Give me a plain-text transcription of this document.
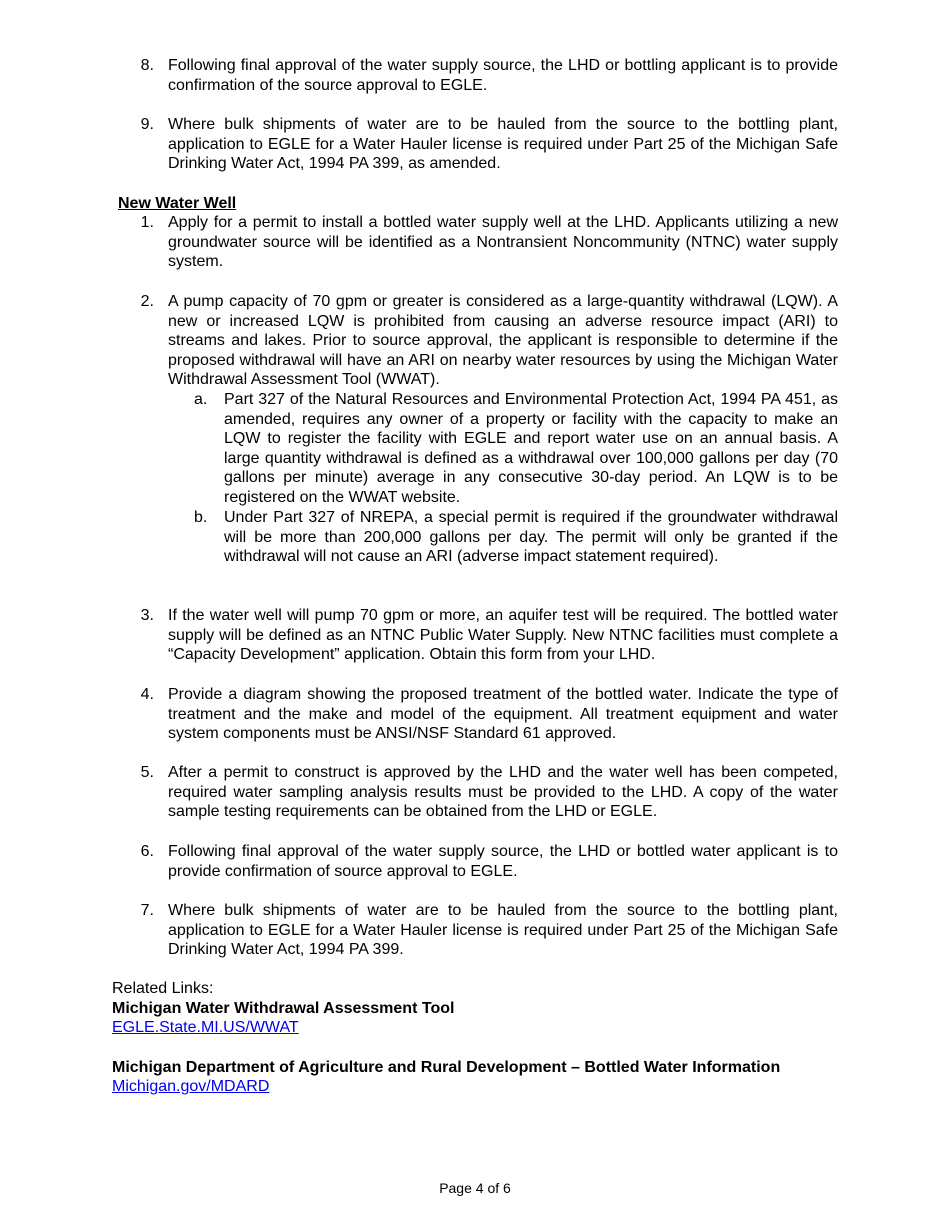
8. Following final approval of the water supply source, the LHD or bottling applicant is to provide confirmation of the source approval to EGLE.
9. Where bulk shipments of water are to be hauled from the source to the bottling plant, application to EGLE for a Water Hauler license is required under Part 25 of the Michigan Safe Drinking Water Act, 1994 PA 399, as amended.
New Water Well
1. Apply for a permit to install a bottled water supply well at the LHD. Applicants utilizing a new groundwater source will be identified as a Nontransient Noncommunity (NTNC) water supply system.
2. A pump capacity of 70 gpm or greater is considered as a large-quantity withdrawal (LQW). A new or increased LQW is prohibited from causing an adverse resource impact (ARI) to streams and lakes. Prior to source approval, the applicant is responsible to determine if the proposed withdrawal will have an ARI on nearby water resources by using the Michigan Water Withdrawal Assessment Tool (WWAT).
a. Part 327 of the Natural Resources and Environmental Protection Act, 1994 PA 451, as amended, requires any owner of a property or facility with the capacity to make an LQW to register the facility with EGLE and report water use on an annual basis. A large quantity withdrawal is defined as a withdrawal over 100,000 gallons per day (70 gallons per minute) average in any consecutive 30-day period. An LQW is to be registered on the WWAT website.
b. Under Part 327 of NREPA, a special permit is required if the groundwater withdrawal will be more than 200,000 gallons per day. The permit will only be granted if the withdrawal will not cause an ARI (adverse impact statement required).
3. If the water well will pump 70 gpm or more, an aquifer test will be required. The bottled water supply will be defined as an NTNC Public Water Supply. New NTNC facilities must complete a “Capacity Development” application. Obtain this form from your LHD.
4. Provide a diagram showing the proposed treatment of the bottled water. Indicate the type of treatment and the make and model of the equipment. All treatment equipment and water system components must be ANSI/NSF Standard 61 approved.
5. After a permit to construct is approved by the LHD and the water well has been competed, required water sampling analysis results must be provided to the LHD. A copy of the water sample testing requirements can be obtained from the LHD or EGLE.
6. Following final approval of the water supply source, the LHD or bottled water applicant is to provide confirmation of source approval to EGLE.
7. Where bulk shipments of water are to be hauled from the source to the bottling plant, application to EGLE for a Water Hauler license is required under Part 25 of the Michigan Safe Drinking Water Act, 1994 PA 399.
Related Links:
Michigan Water Withdrawal Assessment Tool
EGLE.State.MI.US/WWAT
Michigan Department of Agriculture and Rural Development – Bottled Water Information
Michigan.gov/MDARD
Page 4 of 6
